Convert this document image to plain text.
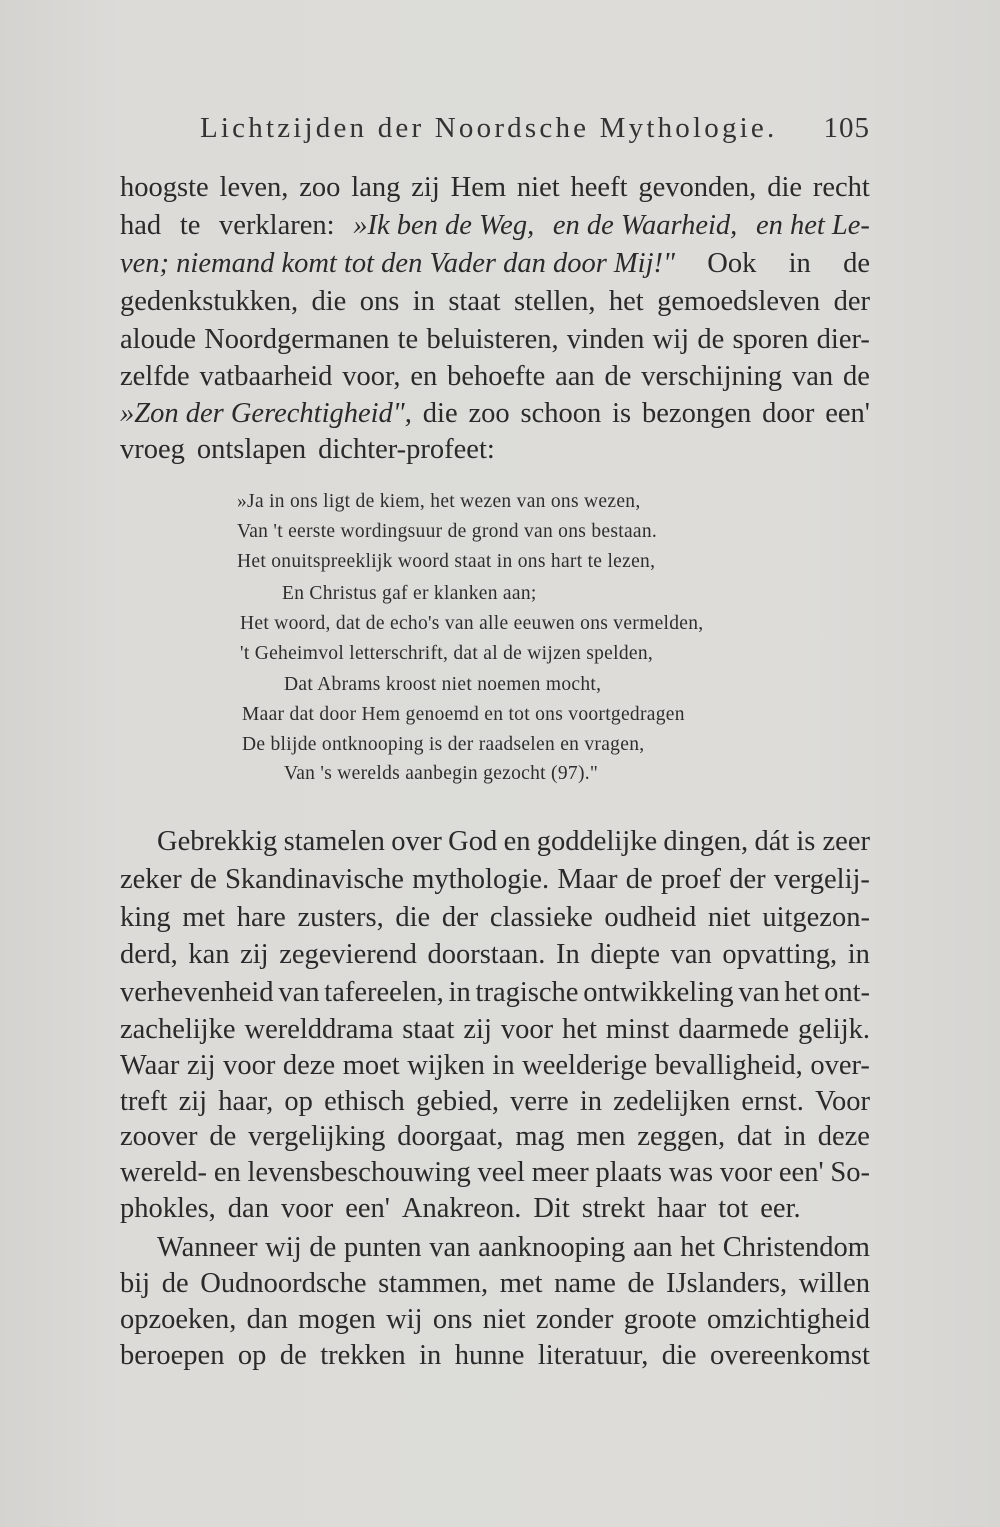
Lichtzijden der Noordsche Mythologie. 105
hoogste leven, zoo lang zij Hem niet heeft gevonden, die recht
had te verklaren: »Ik ben de Weg, en de Waarheid, en het Le-
ven; niemand komt tot den Vader dan door Mij!" Ook in de
gedenkstukken, die ons in staat stellen, het gemoedsleven der
aloude Noordgermanen te beluisteren, vinden wij de sporen dier-
zelfde vatbaarheid voor, en behoefte aan de verschijning van de
»Zon der Gerechtigheid", die zoo schoon is bezongen door een'
vroeg ontslapen dichter-profeet:
»Ja in ons ligt de kiem, het wezen van ons wezen,
Van 't eerste wordingsuur de grond van ons bestaan.
Het onuitspreeklijk woord staat in ons hart te lezen,
En Christus gaf er klanken aan;
Het woord, dat de echo's van alle eeuwen ons vermelden,
't Geheimvol letterschrift, dat al de wijzen spelden,
Dat Abrams kroost niet noemen mocht,
Maar dat door Hem genoemd en tot ons voortgedragen
De blijde ontknooping is der raadselen en vragen,
Van 's werelds aanbegin gezocht (97)."
Gebrekkig stamelen over God en goddelijke dingen, dát is zeer
zeker de Skandinavische mythologie. Maar de proef der vergelij-
king met hare zusters, die der classieke oudheid niet uitgezon-
derd, kan zij zegevierend doorstaan. In diepte van opvatting, in
verhevenheid van tafereelen, in tragische ontwikkeling van het ont-
zachelijke werelddrama staat zij voor het minst daarmede gelijk.
Waar zij voor deze moet wijken in weelderige bevalligheid, over-
treft zij haar, op ethisch gebied, verre in zedelijken ernst. Voor
zoover de vergelijking doorgaat, mag men zeggen, dat in deze
wereld- en levensbeschouwing veel meer plaats was voor een' So-
phokles, dan voor een' Anakreon. Dit strekt haar tot eer.
Wanneer wij de punten van aanknooping aan het Christendom
bij de Oudnoordsche stammen, met name de IJslanders, willen
opzoeken, dan mogen wij ons niet zonder groote omzichtigheid
beroepen op de trekken in hunne literatuur, die overeenkomst
